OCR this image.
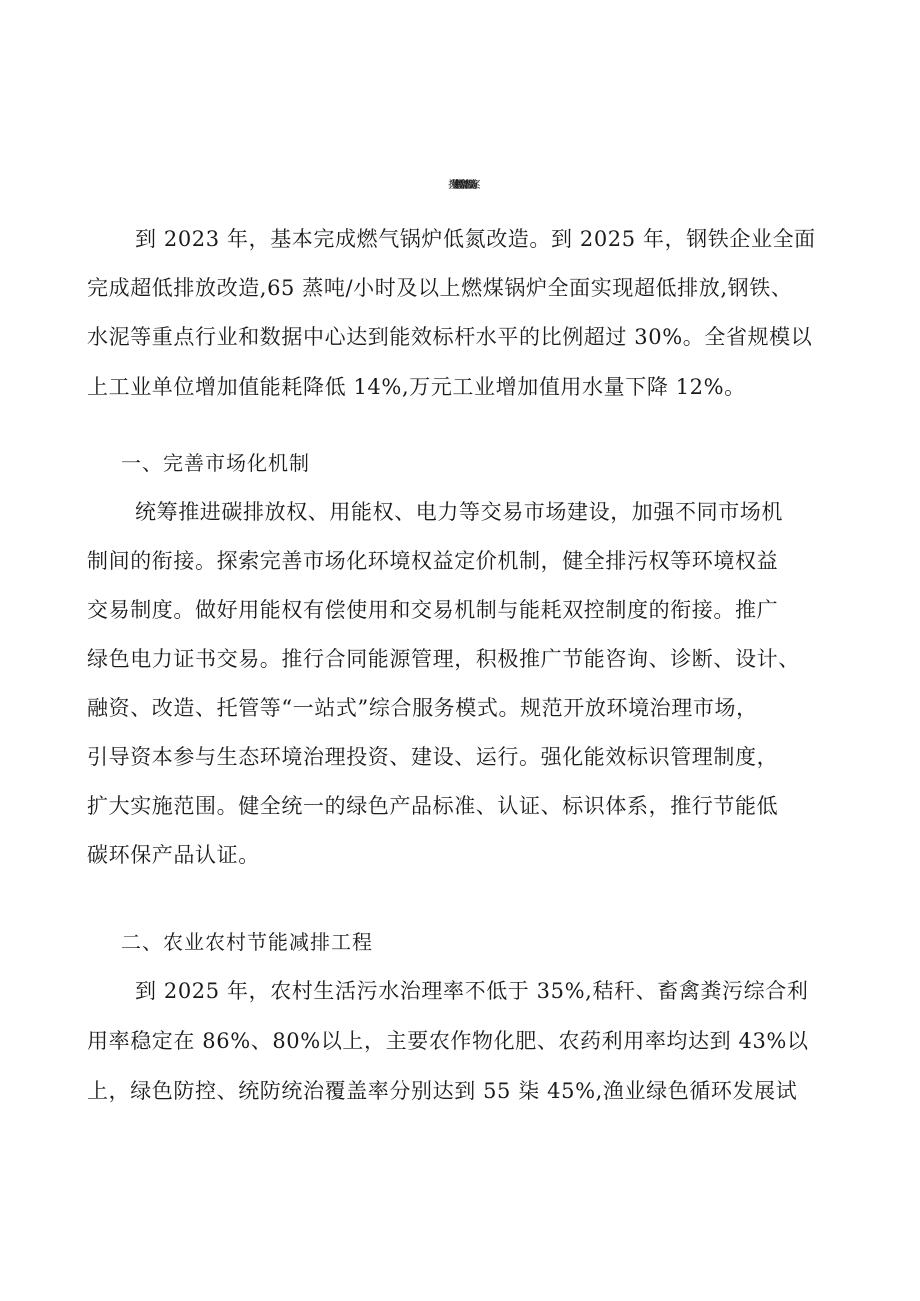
挥发性有机物综合整治工程实施方案
到 2023 年，基本完成燃气锅炉低氮改造。到 2025 年，钢铁企业全面
完成超低排放改造,65 蒸吨/小时及以上燃煤锅炉全面实现超低排放,钢铁、
水泥等重点行业和数据中心达到能效标杆水平的比例超过 30%。全省规模以
上工业单位增加值能耗降低 14%,万元工业增加值用水量下降 12%。
一、完善市场化机制
统筹推进碳排放权、用能权、电力等交易市场建设，加强不同市场机
制间的衔接。探索完善市场化环境权益定价机制，健全排污权等环境权益
交易制度。做好用能权有偿使用和交易机制与能耗双控制度的衔接。推广
绿色电力证书交易。推行合同能源管理，积极推广节能咨询、诊断、设计、
融资、改造、托管等“一站式”综合服务模式。规范开放环境治理市场，
引导资本参与生态环境治理投资、建设、运行。强化能效标识管理制度，
扩大实施范围。健全统一的绿色产品标准、认证、标识体系，推行节能低
碳环保产品认证。
二、农业农村节能减排工程
到 2025 年，农村生活污水治理率不低于 35%,秸秆、畜禽粪污综合利
用率稳定在 86%、80%以上，主要农作物化肥、农药利用率均达到 43%以
上，绿色防控、统防统治覆盖率分别达到 55 柒 45%,渔业绿色循环发展试
